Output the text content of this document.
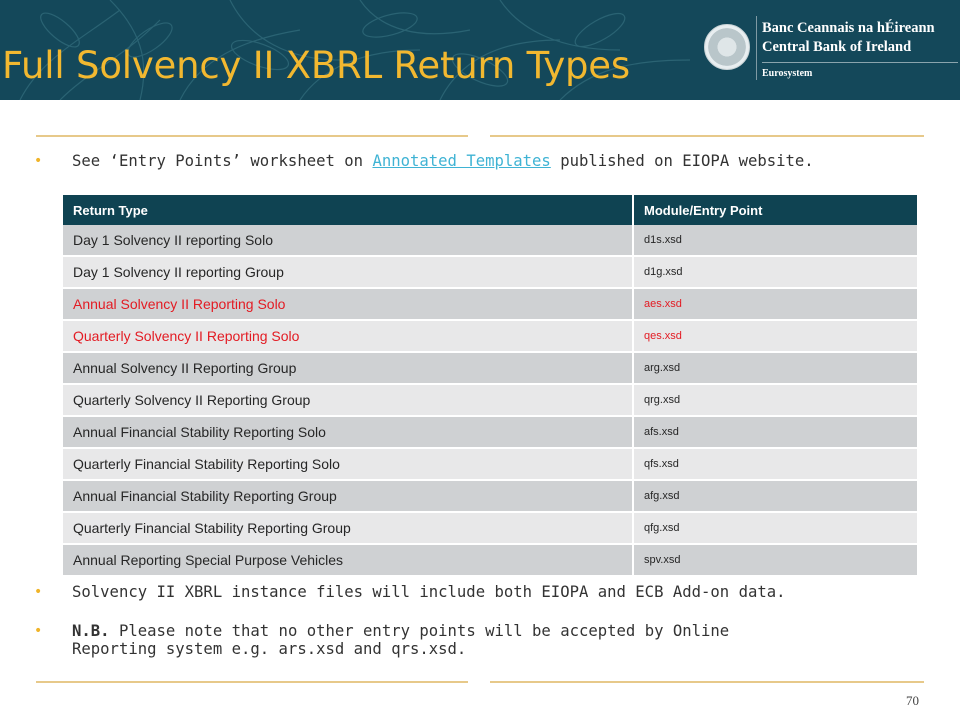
Full Solvency II XBRL Return Types
Banc Ceannais na hÉireann
Central Bank of Ireland
Eurosystem
• See ‘Entry Points’ worksheet on Annotated Templates published on EIOPA website.
Return Type	Module/Entry Point
Day 1 Solvency II reporting Solo	d1s.xsd
Day 1 Solvency II reporting Group	d1g.xsd
Annual Solvency II Reporting Solo	aes.xsd
Quarterly Solvency II Reporting Solo	qes.xsd
Annual Solvency II Reporting Group	arg.xsd
Quarterly Solvency II Reporting Group	qrg.xsd
Annual Financial Stability Reporting Solo	afs.xsd
Quarterly Financial Stability Reporting Solo	qfs.xsd
Annual Financial Stability Reporting Group	afg.xsd
Quarterly Financial Stability Reporting Group	qfg.xsd
Annual Reporting Special Purpose Vehicles	spv.xsd
• Solvency II XBRL instance files will include both EIOPA and ECB Add-on data.
• N.B. Please note that no other entry points will be accepted by Online
Reporting system e.g. ars.xsd and qrs.xsd.
70
